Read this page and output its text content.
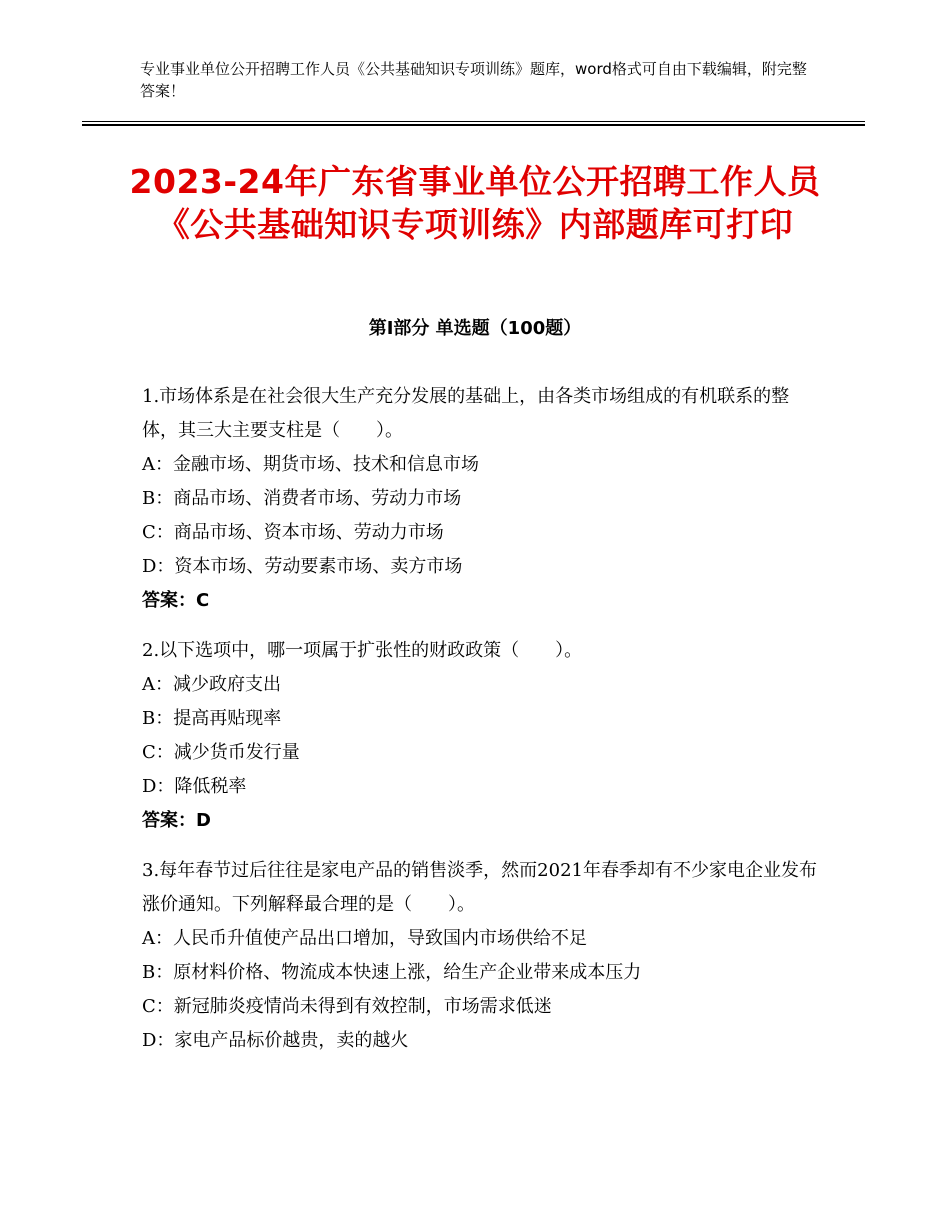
专业事业单位公开招聘工作人员《公共基础知识专项训练》题库，word格式可自由下载编辑，附完整答案！
2023-24年广东省事业单位公开招聘工作人员《公共基础知识专项训练》内部题库可打印
第Ⅰ部分 单选题（100题）

1.市场体系是在社会很大生产充分发展的基础上，由各类市场组成的有机联系的整体，其三大主要支柱是（　　）。

A：金融市场、期货市场、技术和信息市场

B：商品市场、消费者市场、劳动力市场

C：商品市场、资本市场、劳动力市场

D：资本市场、劳动要素市场、卖方市场

答案：C

2.以下选项中，哪一项属于扩张性的财政政策（　　）。

A：减少政府支出

B：提高再贴现率

C：减少货币发行量

D：降低税率

答案：D

3.每年春节过后往往是家电产品的销售淡季，然而2021年春季却有不少家电企业发布涨价通知。下列解释最合理的是（　　）。

A：人民币升值使产品出口增加，导致国内市场供给不足

B：原材料价格、物流成本快速上涨，给生产企业带来成本压力

C：新冠肺炎疫情尚未得到有效控制，市场需求低迷

D：家电产品标价越贵，卖的越火
